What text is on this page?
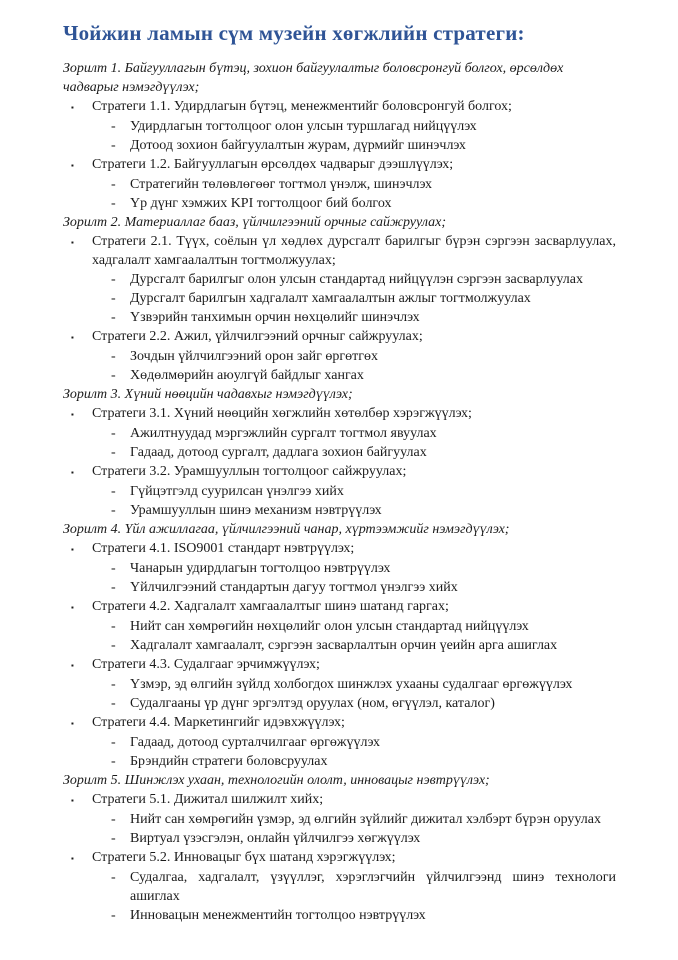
Чойжин ламын сүм музейн хөгжлийн стратеги:

Зорилт 1. Байгууллагын бүтэц, зохион байгуулалтыг боловсронгуй болгох, өрсөлдөх чадварыг нэмэгдүүлэх;

▪	Стратеги 1.1. Удирдлагын бүтэц, менежментийг боловсронгуй болгох;
-	Удирдлагын тогтолцоог олон улсын туршлагад нийцүүлэх
-	Дотоод зохион байгуулалтын журам, дүрмийг шинэчлэх
▪	Стратеги 1.2. Байгууллагын өрсөлдөх чадварыг дээшлүүлэх;
-	Стратегийн төлөвлөгөөг тогтмол үнэлж, шинэчлэх
-	Үр дүнг хэмжих KPI тогтолцоог бий болгох

Зорилт 2. Материаллаг бааз, үйлчилгээний орчныг сайжруулах;

▪	Стратеги 2.1. Түүх, соёлын үл хөдлөх дурсгалт барилгыг бүрэн сэргээн засварлуулах, хадгалалт хамгаалалтын тогтмолжуулах;
-	Дурсгалт барилгыг олон улсын стандартад нийцүүлэн сэргээн засварлуулах
-	Дурсгалт барилгын хадгалалт хамгаалалтын ажлыг тогтмолжуулах
-	Үзвэрийн танхимын орчин нөхцөлийг шинэчлэх
▪	Стратеги 2.2. Ажил, үйлчилгээний орчныг сайжруулах;
-	Зочдын үйлчилгээний орон зайг өргөтгөх
-	Хөдөлмөрийн аюулгүй байдлыг хангах

Зорилт 3. Хүний нөөцийн чадавхыг нэмэгдүүлэх;

▪	Стратеги 3.1. Хүний нөөцийн хөгжлийн хөтөлбөр хэрэгжүүлэх;
-	Ажилтнуудад мэргэжлийн сургалт тогтмол явуулах
-	Гадаад, дотоод сургалт, дадлага зохион байгуулах
▪	Стратеги 3.2. Урамшууллын тогтолцоог сайжруулах;
-	Гүйцэтгэлд суурилсан үнэлгээ хийх
-	Урамшууллын шинэ механизм нэвтрүүлэх

Зорилт 4. Үйл ажиллагаа, үйлчилгээний чанар, хүртээмжийг нэмэгдүүлэх;

▪	Стратеги 4.1. ISO9001 стандарт нэвтрүүлэх;
-	Чанарын удирдлагын тогтолцоо нэвтрүүлэх
-	Үйлчилгээний стандартын дагуу тогтмол үнэлгээ хийх
▪	Стратеги 4.2. Хадгалалт хамгаалалтыг шинэ шатанд гаргах;
-	Нийт сан хөмрөгийн нөхцөлийг олон улсын стандартад нийцүүлэх
-	Хадгалалт хамгаалалт, сэргээн засварлалтын орчин үеийн арга ашиглах
▪	Стратеги 4.3. Судалгааг эрчимжүүлэх;
-	Үзмэр, эд өлгийн зүйлд холбогдох шинжлэх ухааны судалгааг өргөжүүлэх
-	Судалгааны үр дүнг эргэлтэд оруулах (ном, өгүүлэл, каталог)
▪	Стратеги 4.4. Маркетингийг идэвхжүүлэх;
-	Гадаад, дотоод сурталчилгааг өргөжүүлэх
-	Брэндийн стратеги боловсруулах

Зорилт 5. Шинжлэх ухаан, технологийн ололт, инновацыг нэвтрүүлэх;

▪	Стратеги 5.1. Дижитал шилжилт хийх;
-	Нийт сан хөмрөгийн үзмэр, эд өлгийн зүйлийг дижитал хэлбэрт бүрэн оруулах
-	Виртуал үзэсгэлэн, онлайн үйлчилгээ хөгжүүлэх
▪	Стратеги 5.2. Инновацыг бүх шатанд хэрэгжүүлэх;
-	Судалгаа, хадгалалт, үзүүллэг, хэрэглэгчийн үйлчилгээнд шинэ технологи ашиглах
-	Инновацын менежментийн тогтолцоо нэвтрүүлэх
